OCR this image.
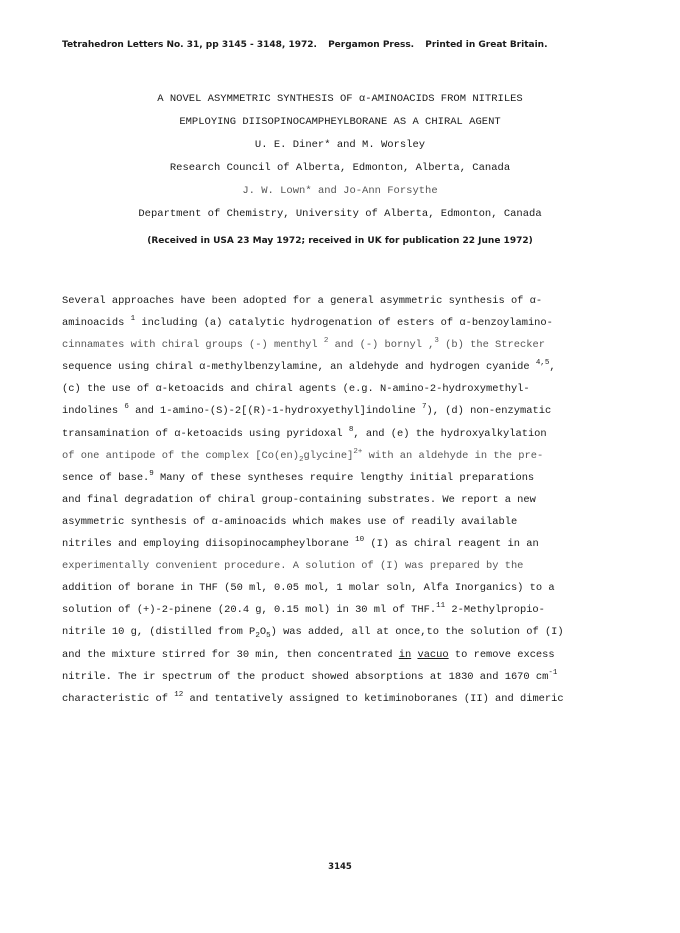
Tetrahedron Letters No. 31, pp 3145 - 3148, 1972. Pergamon Press. Printed in Great Britain.
A NOVEL ASYMMETRIC SYNTHESIS OF α-AMINOACIDS FROM NITRILES
EMPLOYING DIISOPINOCAMPHEYLBORANE AS A CHIRAL AGENT
U. E. Diner* and M. Worsley
Research Council of Alberta, Edmonton, Alberta, Canada
J. W. Lown* and Jo-Ann Forsythe
Department of Chemistry, University of Alberta, Edmonton, Canada
(Received in USA 23 May 1972; received in UK for publication 22 June 1972)
Several approaches have been adopted for a general asymmetric synthesis of α-
aminoacids $^1$ including (a) catalytic hydrogenation of esters of α-benzoylamino-
cinnamates with chiral groups (-) menthyl $^2$ and (-) bornyl ,$^3$ (b) the Strecker
sequence using chiral α-methylbenzylamine, an aldehyde and hydrogen cyanide $^{4,5}$,
(c) the use of α-ketoacids and chiral agents (e.g. N-amino-2-hydroxymethyl-
indolines $^6$ and 1-amino-(S)-2[(R)-1-hydroxyethyl]indoline $^7$), (d) non-enzymatic
transamination of α-ketoacids using pyridoxal $^8$, and (e) the hydroxyalkylation
of one antipode of the complex $[Co(en)_2glycine]^{2+}$ with an aldehyde in the pre-
sence of base.$^9$ Many of these syntheses require lengthy initial preparations
and final degradation of chiral group-containing substrates. We report a new
asymmetric synthesis of α-aminoacids which makes use of readily available
nitriles and employing diisopinocampheylborane $^{10}$ (I) as chiral reagent in an
experimentally convenient procedure. A solution of (I) was prepared by the
addition of borane in THF (50 ml, 0.05 mol, 1 molar soln, Alfa Inorganics) to a
solution of (+)-2-pinene (20.4 g, 0.15 mol) in 30 ml of THF.$^{11}$ 2-Methylpropio-
nitrile 10 g, (distilled from $P_2O_5$) was added, all at once,to the solution of (I)
and the mixture stirred for 30 min, then concentrated in vacuo to remove excess
nitrile. The ir spectrum of the product showed absorptions at 1830 and 1670 $cm^{-1}$
characteristic of $^{12}$ and tentatively assigned to ketiminoboranes (II) and dimeric
3145
